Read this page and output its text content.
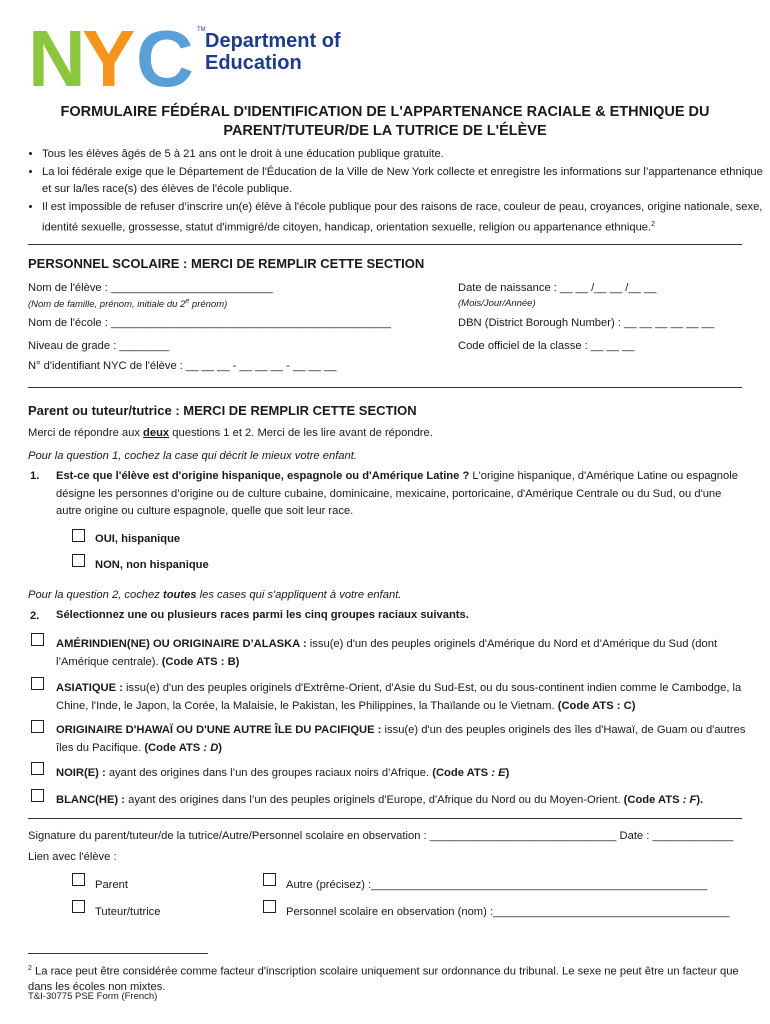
N
Y C Department of
Education
TM
FORMULAIRE FÉDÉRAL D'IDENTIFICATION DE L'APPARTENANCE RACIALE & ETHNIQUE DU
PARENT/TUTEUR/DE LA TUTRICE DE L'ÉLÈVE
• Tous les élèves âgés de 5 à 21 ans ont le droit à une éducation publique gratuite.
• La loi fédérale exige que le Département de l'Éducation de la Ville de New York collecte et enregistre les informations sur l’appartenance ethnique et sur la/les race(s) des élèves de l'école publique.
• Il est impossible de refuser d’inscrire un(e) élève à l'école publique pour des raisons de race, couleur de peau, croyances, origine nationale, sexe, identité sexuelle, grossesse, statut d'immigré/de citoyen, handicap, orientation sexuelle, religion ou appartenance ethnique.$^2$
PERSONNEL SCOLAIRE : MERCI DE REMPLIR CETTE SECTION
Nom de l'élève : __________________________
(Nom de famille, prénom, initiale du 2e prénom)
Date de naissance : __ __ /__ __ /__ __
(Mois/Jour/Année)
Nom de l'école : _____________________________________________	DBN (District Borough Number) : __ __ __ __ __ __
Niveau de grade : ________	Code officiel de la classe : __ __ __
N° d'identifiant NYC de l'élève : __ __ __ - __ __ __ - __ __ __
Parent ou tuteur/tutrice : MERCI DE REMPLIR CETTE SECTION
Merci de répondre aux deux questions 1 et 2. Merci de les lire avant de répondre.
Pour la question 1, cochez la case qui décrit le mieux votre enfant.
1. Est-ce que l'élève est d'origine hispanique, espagnole ou d'Amérique Latine ? L'origine hispanique, d'Amérique Latine ou espagnole désigne les personnes d’origine ou de culture cubaine, dominicaine, mexicaine, portoricaine, d'Amérique Centrale ou du Sud, ou d'une autre origine ou culture espagnole, quelle que soit leur race.
OUI, hispanique
NON, non hispanique
Pour la question 2, cochez toutes les cases qui s'appliquent à votre enfant.
2. Sélectionnez une ou plusieurs races parmi les cinq groupes raciaux suivants.
AMÉRINDIEN(NE) OU ORIGINAIRE D’ALASKA : issu(e) d'un des peuples originels d'Amérique du Nord et d’Amérique du Sud (dont l’Amérique centrale). (Code ATS : B)
ASIATIQUE : issu(e) d'un des peuples originels d'Extrême-Orient, d'Asie du Sud-Est, ou du sous-continent indien comme le Cambodge, la Chine, l'Inde, le Japon, la Corée, la Malaisie, le Pakistan, les Philippines, la Thaïlande ou le Vietnam. (Code ATS : C)
ORIGINAIRE D'HAWAÏ OU D'UNE AUTRE ÎLE DU PACIFIQUE : issu(e) d'un des peuples originels des îles d'Hawaï, de Guam ou d'autres îles du Pacifique. (Code ATS : D)
NOIR(E) : ayant des origines dans l’un des groupes raciaux noirs d’Afrique. (Code ATS : E)
BLANC(HE) : ayant des origines dans l’un des peuples originels d'Europe, d'Afrique du Nord ou du Moyen-Orient. (Code ATS : F).
Signature du parent/tuteur/de la tutrice/Autre/Personnel scolaire en observation : ______________________________ Date : _____________
Lien avec l'élève :
Parent	Autre (précisez) :______________________________________________________
Tuteur/tutrice	Personnel scolaire en observation (nom) :______________________________________
$^2$ La race peut être considérée comme facteur d'inscription scolaire uniquement sur ordonnance du tribunal. Le sexe ne peut être un facteur que dans les écoles non mixtes.
T&I-30775 PSE Form (French)
